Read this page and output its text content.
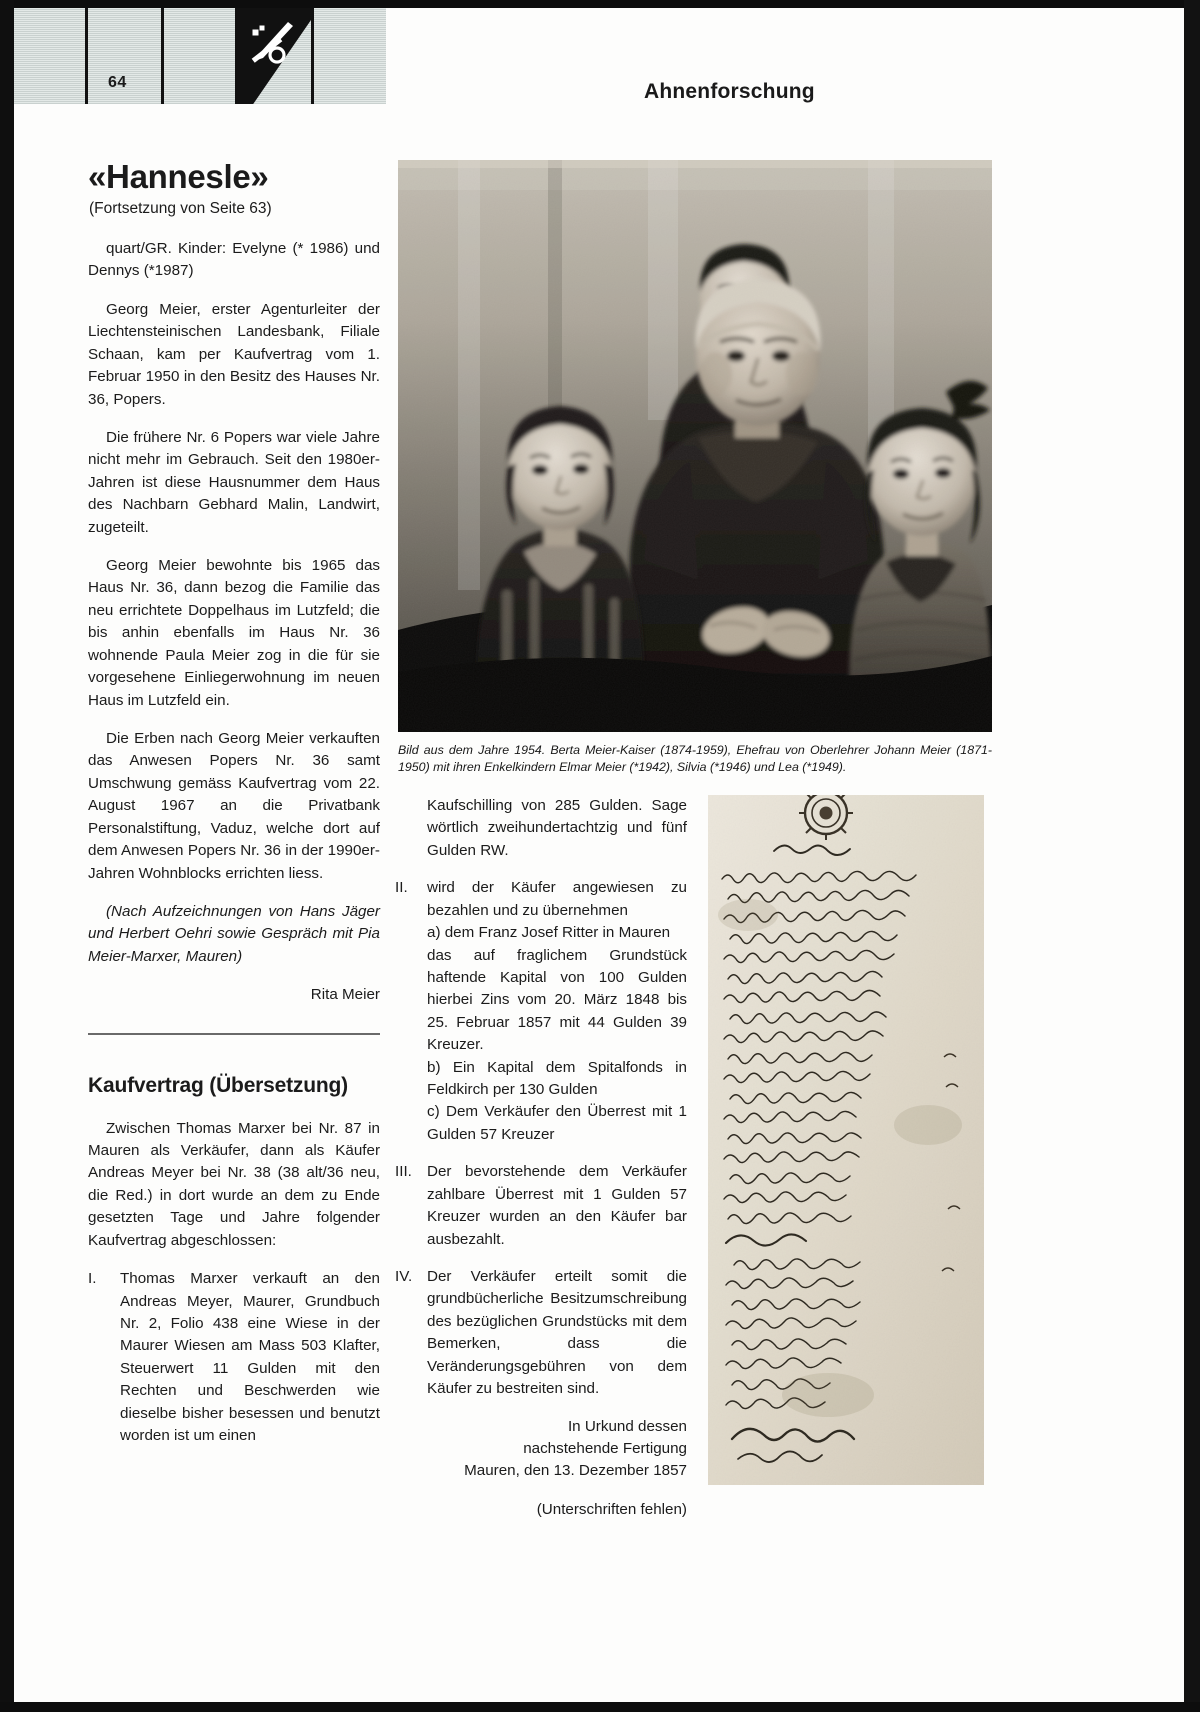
64	Ahnenforschung
«Hannesle»
(Fortsetzung von Seite 63)

quart/GR. Kinder: Evelyne (* 1986) und Dennys (*1987)

Georg Meier, erster Agenturleiter der Liechtensteinischen Landesbank, Filiale Schaan, kam per Kaufvertrag vom 1. Februar 1950 in den Besitz des Hauses Nr. 36, Popers.

Die frühere Nr. 6 Popers war viele Jahre nicht mehr im Gebrauch. Seit den 1980er-Jahren ist diese Hausnummer dem Haus des Nachbarn Gebhard Malin, Landwirt, zugeteilt.

Georg Meier bewohnte bis 1965 das Haus Nr. 36, dann bezog die Familie das neu errichtete Doppelhaus im Lutzfeld; die bis anhin ebenfalls im Haus Nr. 36 wohnende Paula Meier zog in die für sie vorgesehene Einliegerwohnung im neuen Haus im Lutzfeld ein.

Die Erben nach Georg Meier verkauften das Anwesen Popers Nr. 36 samt Umschwung gemäss Kaufvertrag vom 22. August 1967 an die Privatbank Personalstiftung, Vaduz, welche dort auf dem Anwesen Popers Nr. 36 in der 1990er-Jahren Wohnblocks errichten liess.

(Nach Aufzeichnungen von Hans Jäger und Herbert Oehri sowie Gespräch mit Pia Meier-Marxer, Mauren)

Rita Meier

Kaufvertrag (Übersetzung)

Zwischen Thomas Marxer bei Nr. 87 in Mauren als Verkäufer, dann als Käufer Andreas Meyer bei Nr. 38 (38 alt/36 neu, die Red.) in dort wurde an dem zu Ende gesetzten Tage und Jahre folgender Kaufvertrag abgeschlossen:

I.	Thomas Marxer verkauft an den Andreas Meyer, Maurer, Grundbuch Nr. 2, Folio 438 eine Wiese in der Maurer Wiesen am Mass 503 Klafter, Steuerwert 11 Gulden mit den Rechten und Beschwerden wie dieselbe bisher besessen und benutzt worden ist um einen
Kaufschilling von 285 Gulden. Sage wörtlich zweihundertachtzig und fünf Gulden RW.
II.	wird der Käufer angewiesen zu bezahlen und zu übernehmen
a) dem Franz Josef Ritter in Mauren
das auf fraglichem Grundstück haftende Kapital von 100 Gulden hierbei Zins vom 20. März 1848 bis 25. Februar 1857 mit 44 Gulden 39 Kreuzer.
b) Ein Kapital dem Spitalfonds in Feldkirch per 130 Gulden
c) Dem Verkäufer den Überrest mit 1 Gulden 57 Kreuzer
III. Der bevorstehende dem Verkäufer zahlbare Überrest mit 1 Gulden 57 Kreuzer wurden an den Käufer bar ausbezahlt.
IV. Der Verkäufer erteilt somit die grundbücherliche Besitzumschreibung des bezüglichen Grundstücks mit dem Bemerken, dass die Veränderungsgebühren von dem Käufer zu bestreiten sind.

In Urkund dessen

nachstehende Fertigung

Mauren, den 13. Dezember 1857

(Unterschriften fehlen)

Bild aus dem Jahre 1954. Berta Meier-Kaiser (1874-1959), Ehefrau von Oberlehrer Johann Meier (1871-1950) mit ihren Enkelkindern Elmar Meier (*1942), Silvia (*1946) und Lea (*1949).
